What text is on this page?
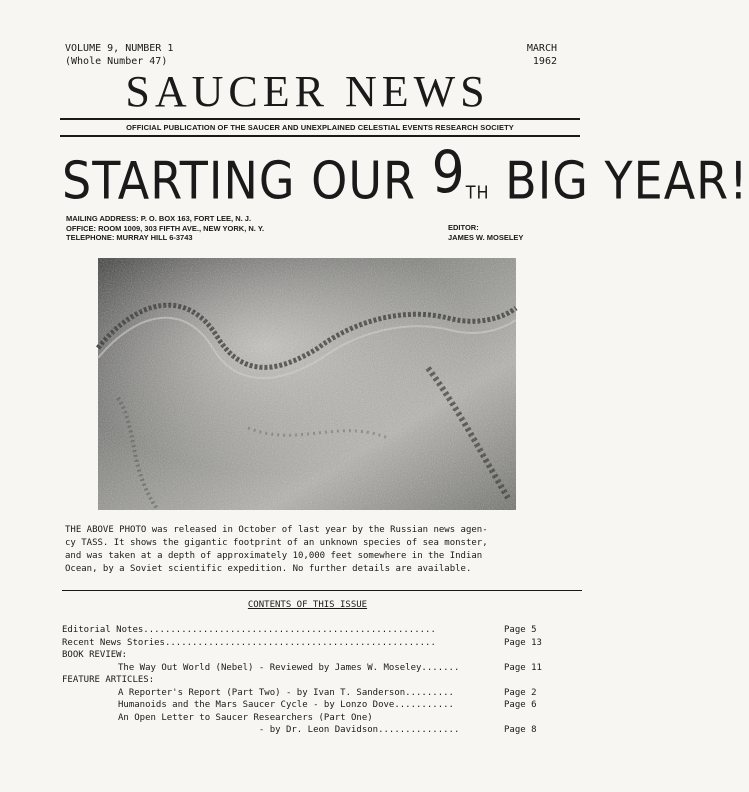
VOLUME 9, NUMBER 1
(Whole Number 47)
MARCH
1962
SAUCER NEWS
OFFICIAL PUBLICATION OF THE SAUCER AND UNEXPLAINED CELESTIAL EVENTS RESEARCH SOCIETY
STARTING OUR 9TH BIG YEAR!
MAILING ADDRESS: P. O. BOX 163, FORT LEE, N. J.
OFFICE: ROOM 1009, 303 FIFTH AVE., NEW YORK, N. Y.
TELEPHONE: MURRAY HILL 6-3743
EDITOR:
JAMES W. MOSELEY
THE ABOVE PHOTO was released in October of last year by the Russian news agen-
cy TASS. It shows the gigantic footprint of an unknown species of sea monster,
and was taken at a depth of approximately 10,000 feet somewhere in the Indian
Ocean, by a Soviet scientific expedition. No further details are available.
CONTENTS OF THIS ISSUE
Editorial Notes......................................................	Page 5
Recent News Stories..................................................	Page 13
BOOK REVIEW:
The Way Out World (Nebel) - Reviewed by James W. Moseley.......	Page 11
FEATURE ARTICLES:
A Reporter's Report (Part Two) - by Ivan T. Sanderson.........	Page 2
Humanoids and the Mars Saucer Cycle - by Lonzo Dove...........	Page 6
An Open Letter to Saucer Researchers (Part One)
- by Dr. Leon Davidson...............	Page 8
